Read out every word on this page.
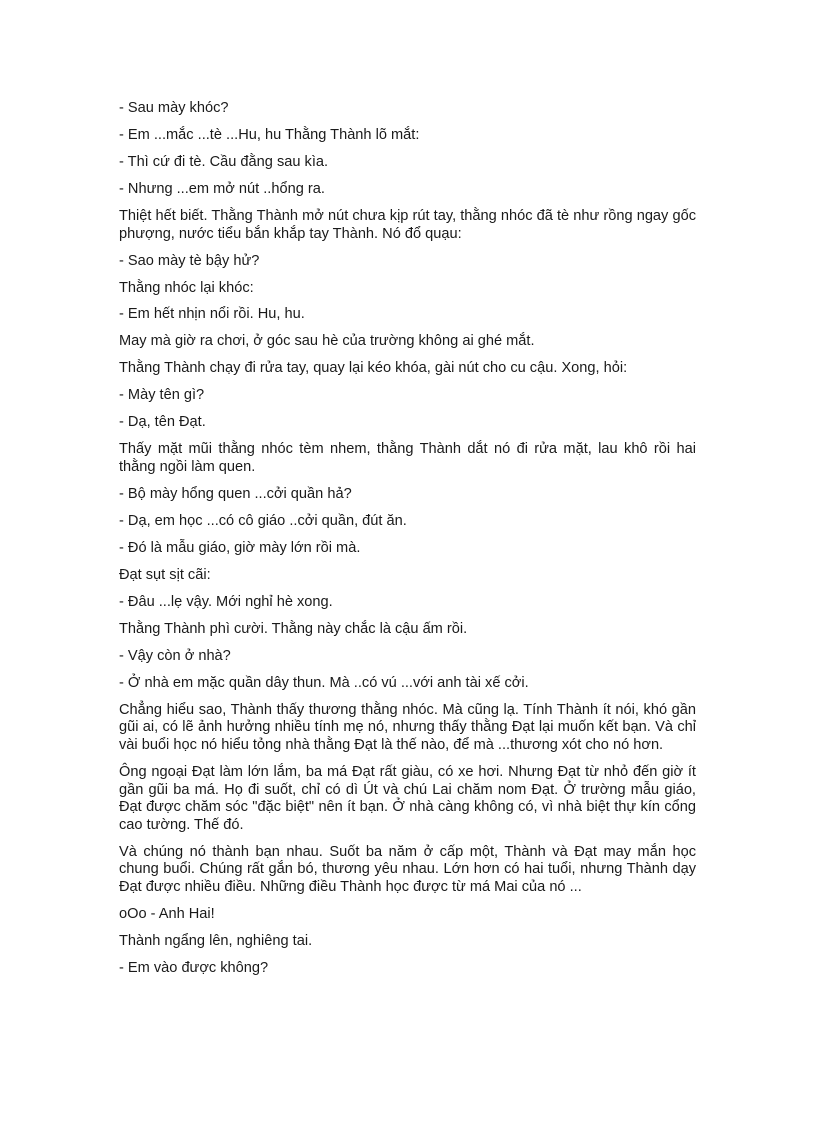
- Sau mày khóc?

- Em ...mắc ...tè ...Hu, hu Thằng Thành lõ mắt:

- Thì cứ đi tè. Cầu đằng sau kìa.

- Nhưng ...em mở nút ..hổng ra.

Thiệt hết biết. Thằng Thành mở nút chưa kịp rút tay, thằng nhóc đã tè như rồng ngay gốc phượng, nước tiểu bắn khắp tay Thành. Nó đổ quạu:

- Sao mày tè bậy hử?

Thằng nhóc lại khóc:

- Em hết nhịn nổi rồi. Hu, hu.

May mà giờ ra chơi, ở góc sau hè của trường không ai ghé mắt.

Thằng Thành chạy đi rửa tay, quay lại kéo khóa, gài nút cho cu cậu. Xong, hỏi:

- Mày tên gì?

- Dạ, tên Đạt.

Thấy mặt mũi thằng nhóc tèm nhem, thằng Thành dắt nó đi rửa mặt, lau khô rồi hai thằng ngồi làm quen.

- Bộ mày hổng quen ...cởi quần hả?

- Dạ, em học ...có cô giáo ..cởi quần, đút ăn.

- Đó là mẫu giáo, giờ mày lớn rồi mà.

Đạt sụt sịt cãi:

- Đâu ...lẹ vậy. Mới nghỉ hè xong.

Thằng Thành phì cười. Thằng này chắc là cậu ấm rồi.

- Vậy còn ở nhà?

- Ở nhà em mặc quần dây thun. Mà ..có vú ...với anh tài xế cởi.

Chẳng hiểu sao, Thành thấy thương thằng nhóc. Mà cũng lạ. Tính Thành ít nói, khó gần gũi ai, có lẽ ảnh hưởng nhiều tính mẹ nó, nhưng thấy thằng Đạt lại muốn kết bạn. Và chỉ vài buổi học nó hiểu tỏng nhà thằng Đạt là thế nào, để mà ...thương xót cho nó hơn.

Ông ngoại Đạt làm lớn lắm, ba má Đạt rất giàu, có xe hơi. Nhưng Đạt từ nhỏ đến giờ ít gần gũi ba má. Họ đi suốt, chỉ có dì Út và chú Lai chăm nom Đạt. Ở trường mẫu giáo, Đạt được chăm sóc "đặc biệt" nên ít bạn. Ở nhà càng không có, vì nhà biệt thự kín cổng cao tường. Thế đó.

Và chúng nó thành bạn nhau. Suốt ba năm ở cấp một, Thành và Đạt may mắn học chung buổi. Chúng rất gắn bó, thương yêu nhau. Lớn hơn có hai tuổi, nhưng Thành dạy Đạt được nhiều điều. Những điều Thành học được từ má Mai của nó ...

oOo - Anh Hai!

Thành ngẩng lên, nghiêng tai.

- Em vào được không?
